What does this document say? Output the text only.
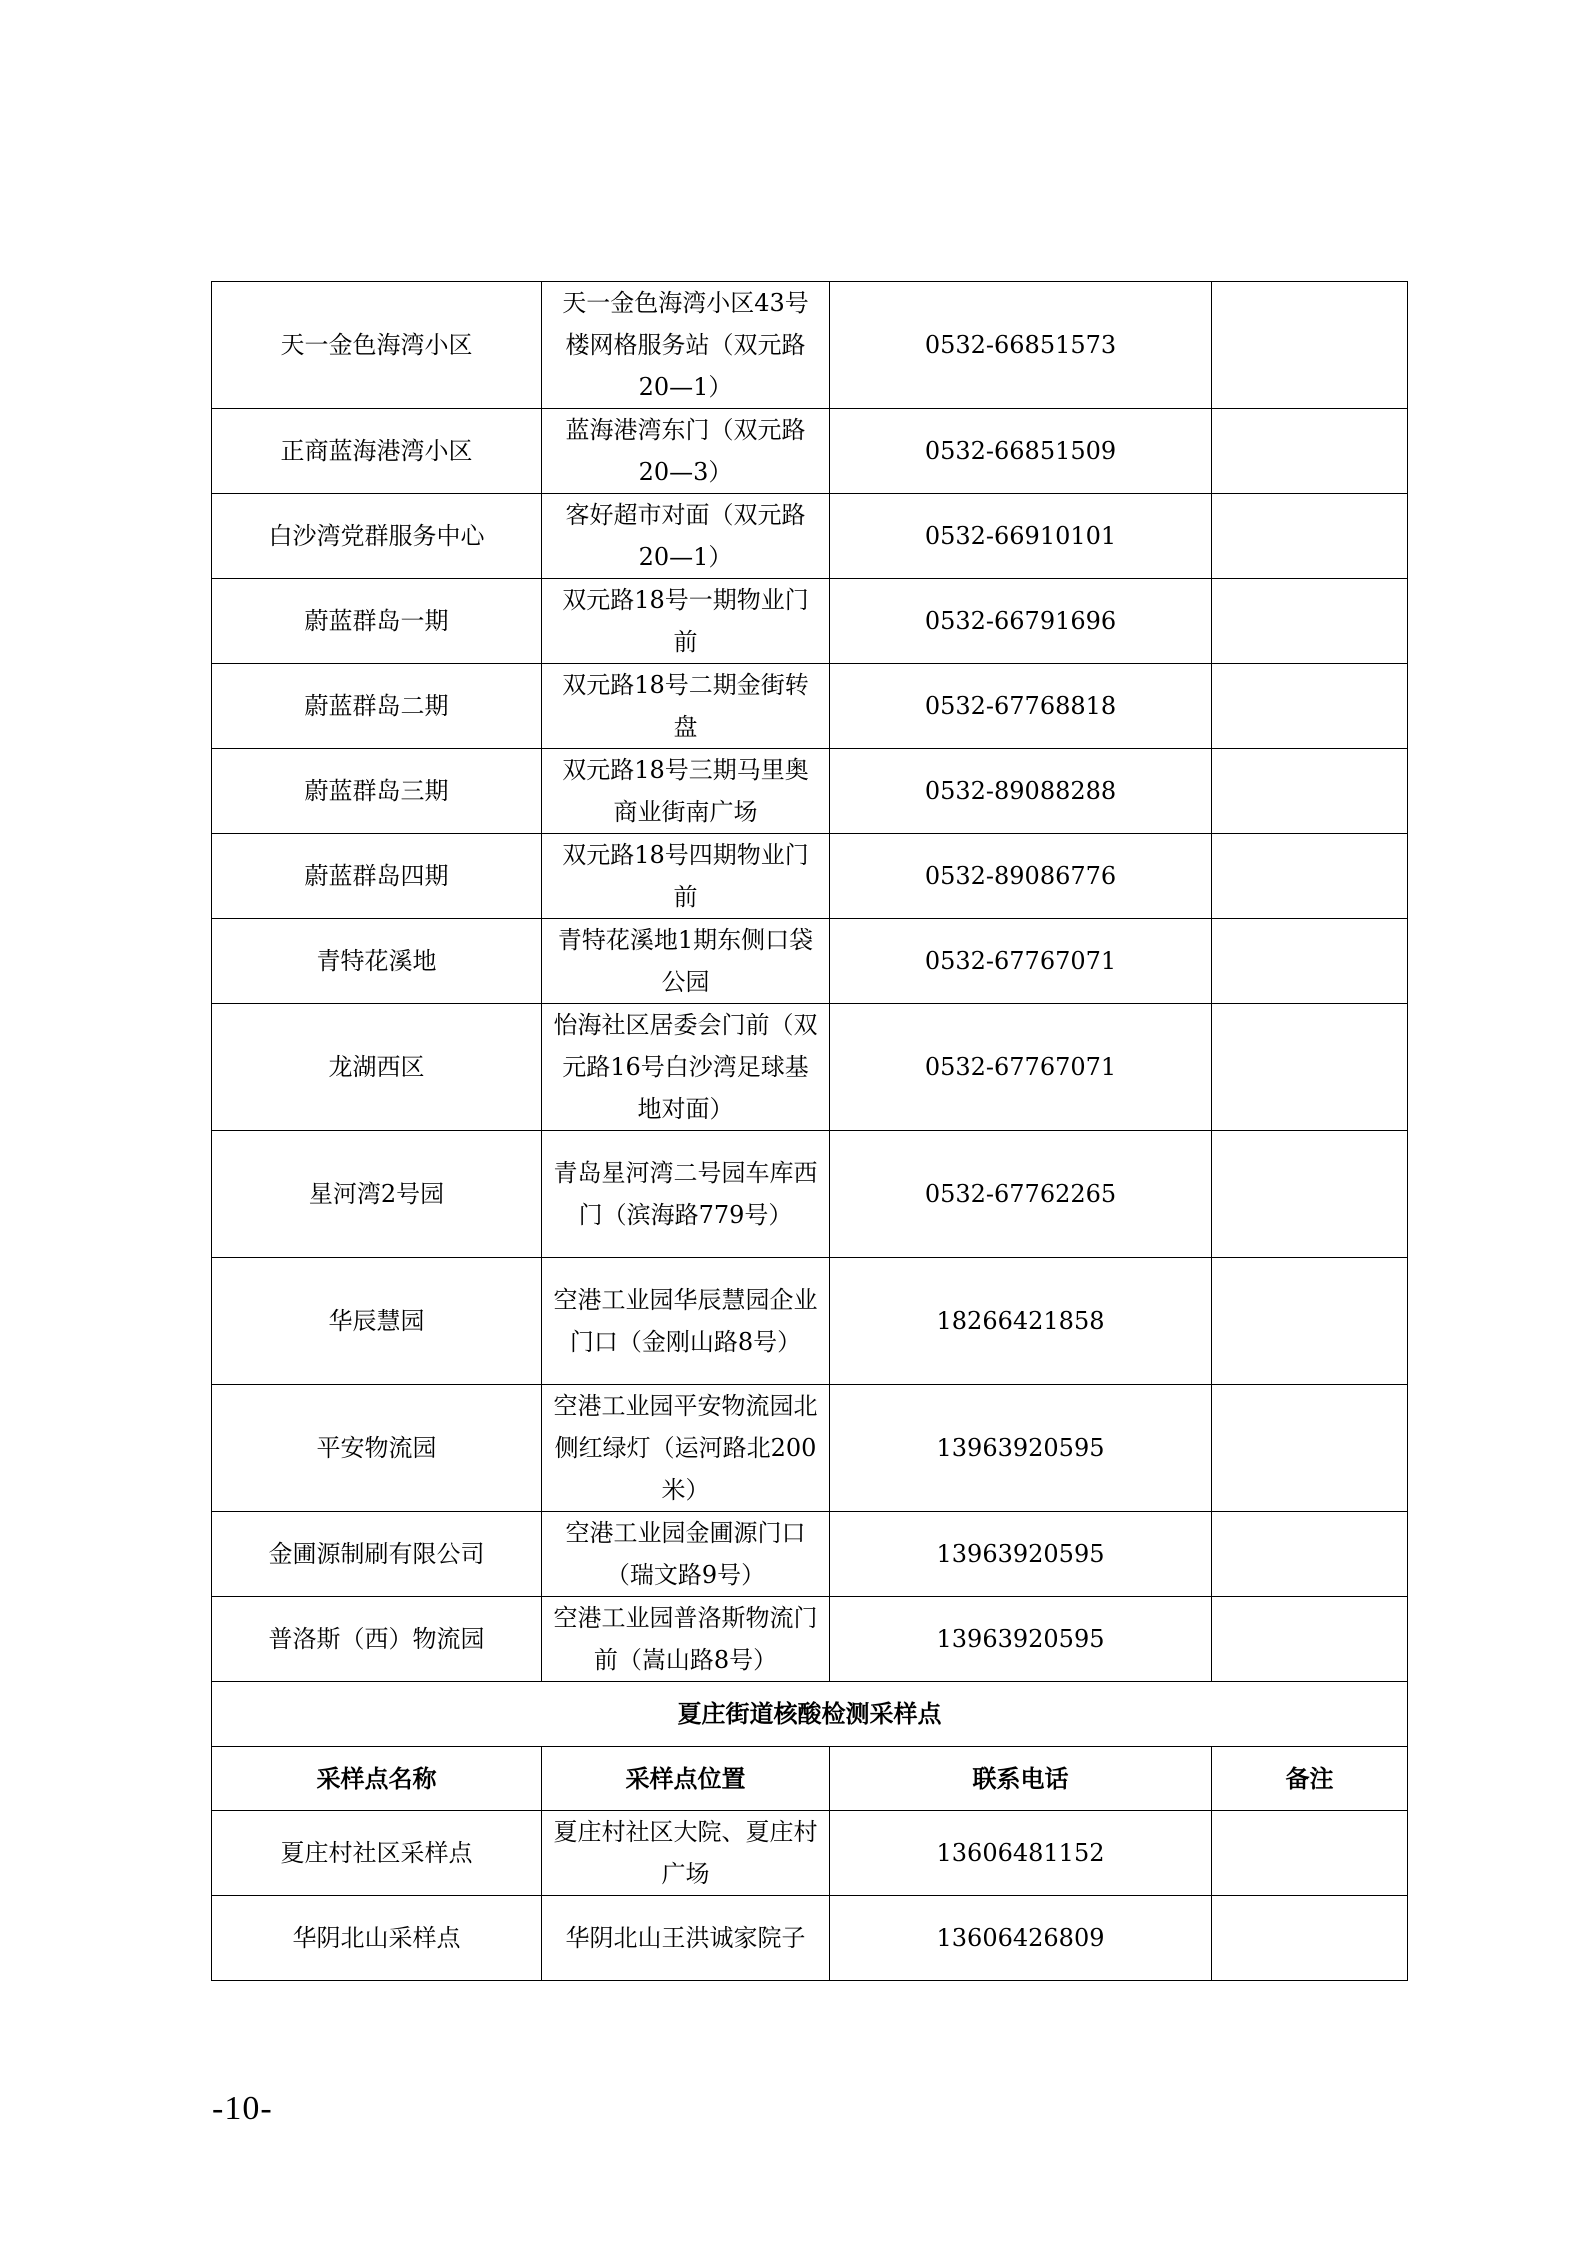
天一金色海湾小区	天一金色海湾小区43号楼网格服务站（双元路20—1）	0532-66851573	
正商蓝海港湾小区	蓝海港湾东门（双元路20—3）	0532-66851509	
白沙湾党群服务中心	客好超市对面（双元路20—1）	0532-66910101	
蔚蓝群岛一期	双元路18号一期物业门前	0532-66791696	
蔚蓝群岛二期	双元路18号二期金街转盘	0532-67768818	
蔚蓝群岛三期	双元路18号三期马里奥商业街南广场	0532-89088288	
蔚蓝群岛四期	双元路18号四期物业门前	0532-89086776	
青特花溪地	青特花溪地1期东侧口袋公园	0532-67767071	
龙湖西区	怡海社区居委会门前（双元路16号白沙湾足球基地对面）	0532-67767071	
星河湾2号园	青岛星河湾二号园车库西门（滨海路779号）	0532-67762265	
华辰慧园	空港工业园华辰慧园企业门口（金刚山路8号）	18266421858	
平安物流园	空港工业园平安物流园北侧红绿灯（运河路北200米）	13963920595	
金圃源制刷有限公司	空港工业园金圃源门口（瑞文路9号）	13963920595	
普洛斯（西）物流园	空港工业园普洛斯物流门前（嵩山路8号）	13963920595	
夏庄街道核酸检测采样点			
采样点名称	采样点位置	联系电话	备注
夏庄村社区采样点	夏庄村社区大院、夏庄村广场	13606481152	
华阴北山采样点	华阴北山王洪诚家院子	13606426809	
-10-
